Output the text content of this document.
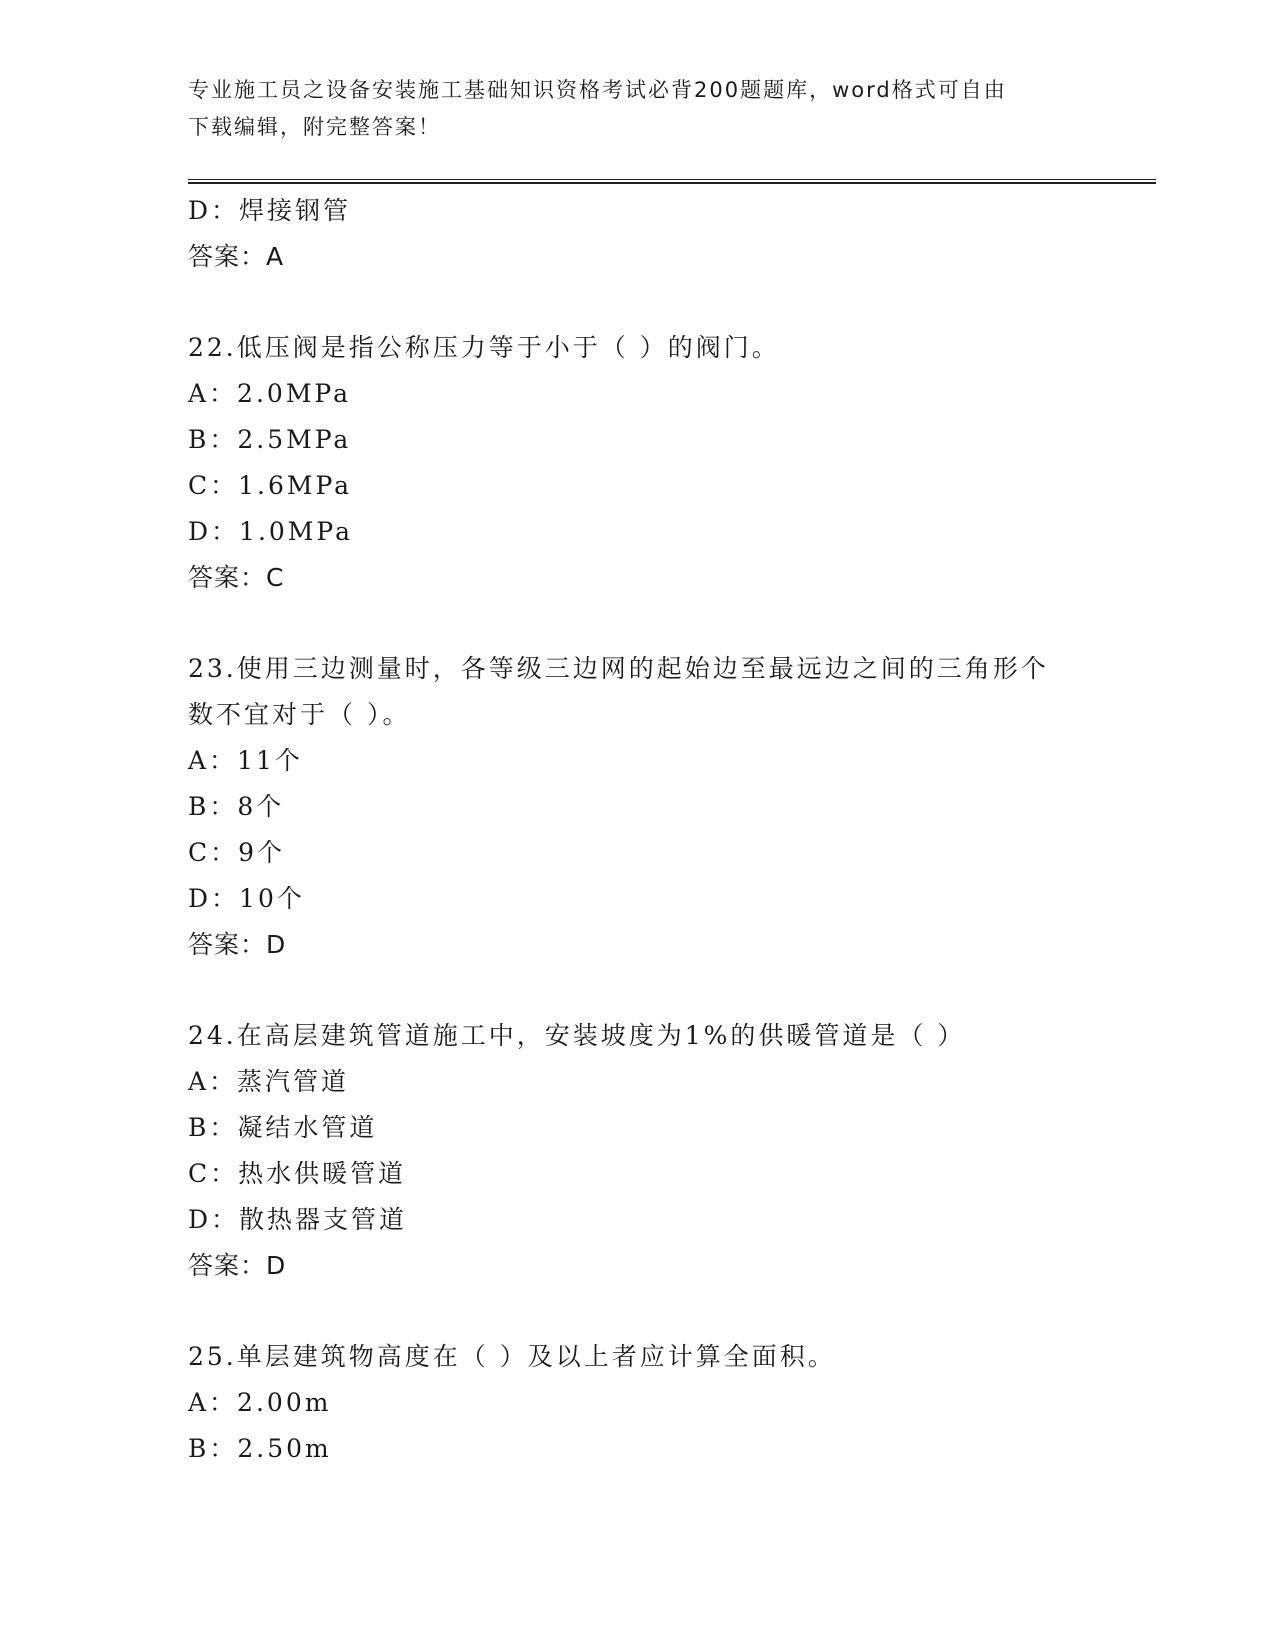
专业施工员之设备安装施工基础知识资格考试必背200题题库，word格式可自由
下载编辑，附完整答案！
D：焊接钢管
答案：A
22.低压阀是指公称压力等于小于（ ）的阀门。
A：2.0MPa
B：2.5MPa
C：1.6MPa
D：1.0MPa
答案：C
23.使用三边测量时，各等级三边网的起始边至最远边之间的三角形个
数不宜对于（ ）。
A：11个
B：8个
C：9个
D：10个
答案：D
24.在高层建筑管道施工中，安装坡度为1%的供暖管道是（ ）
A：蒸汽管道
B：凝结水管道
C：热水供暖管道
D：散热器支管道
答案：D
25.单层建筑物高度在（ ）及以上者应计算全面积。
A：2.00m
B：2.50m
